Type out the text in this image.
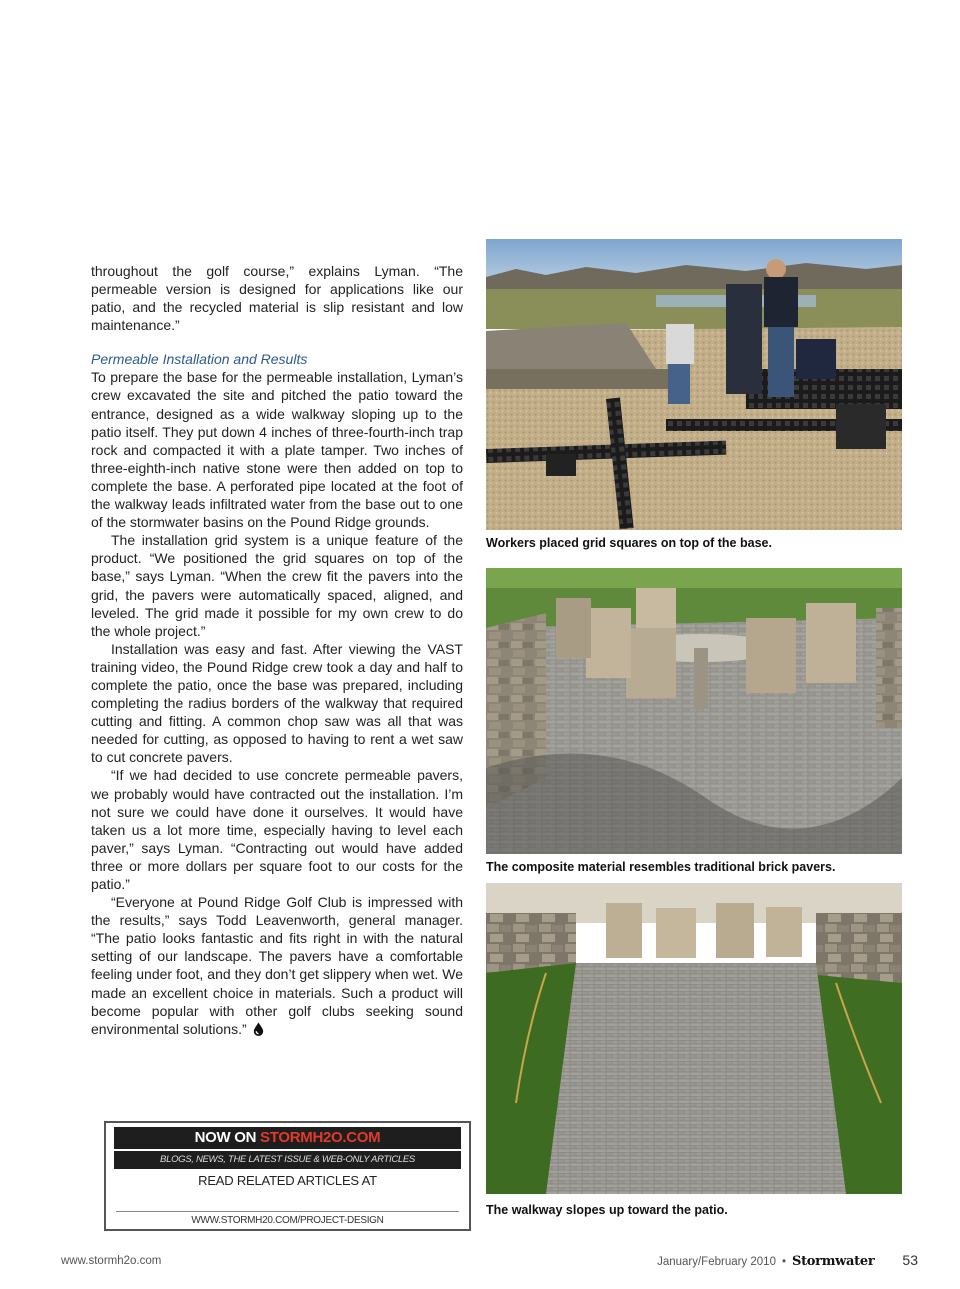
throughout the golf course,” explains Lyman. “The permeable version is designed for applications like our patio, and the recycled material is slip resistant and low maintenance.”

Permeable Installation and Results

To prepare the base for the permeable installation, Lyman’s crew excavated the site and pitched the patio toward the entrance, designed as a wide walkway sloping up to the patio itself. They put down 4 inches of three-fourth-inch trap rock and compacted it with a plate tamper. Two inches of three-eighth-inch native stone were then added on top to complete the base. A perforated pipe located at the foot of the walkway leads infiltrated water from the base out to one of the stormwater basins on the Pound Ridge grounds.

The installation grid system is a unique feature of the product. “We positioned the grid squares on top of the base,” says Lyman. “When the crew fit the pavers into the grid, the pavers were automatically spaced, aligned, and leveled. The grid made it possible for my own crew to do the whole project.”

Installation was easy and fast. After viewing the VAST training video, the Pound Ridge crew took a day and half to complete the patio, once the base was prepared, including completing the radius borders of the walkway that required cutting and fitting. A common chop saw was all that was needed for cutting, as opposed to having to rent a wet saw to cut concrete pavers.

“If we had decided to use concrete permeable pavers, we probably would have contracted out the installation. I’m not sure we could have done it ourselves. It would have taken us a lot more time, especially having to level each paver,” says Lyman. “Contracting out would have added three or more dollars per square foot to our costs for the patio.”

“Everyone at Pound Ridge Golf Club is impressed with the results,” says Todd Leavenworth, general manager. “The patio looks fantastic and fits right in with the natural setting of our landscape. The pavers have a comfortable feeling under foot, and they don’t get slippery when wet. We made an excellent choice in materials. Such a product will become popular with other golf clubs seeking sound environmental solutions.”

Workers placed grid squares on top of the base.
The composite material resembles traditional brick pavers.
The walkway slopes up toward the patio.
NOW ON STORMH2O.COM
BLOGS, NEWS, THE LATEST ISSUE & WEB-ONLY ARTICLES
READ RELATED ARTICLES AT
WWW.STORMH20.COM/PROJECT-DESIGN
www.stormh2o.com	January/February 2010 • Stormwater 53
